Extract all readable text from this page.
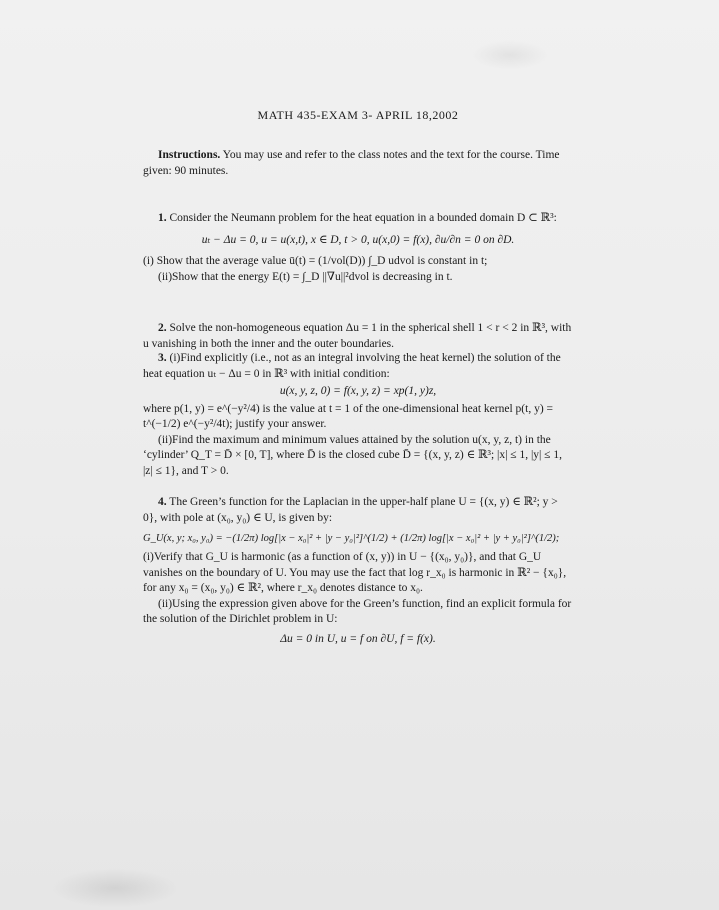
MATH 435-EXAM 3- APRIL 18,2002
Instructions. You may use and refer to the class notes and the text for the course. Time given: 90 minutes.
1. Consider the Neumann problem for the heat equation in a bounded domain D ⊂ ℝ³:
uₜ − Δu = 0, u = u(x,t), x ∈ D, t > 0, u(x,0) = f(x), ∂u/∂n = 0 on ∂D.
(i) Show that the average value ū(t) = (1/vol(D)) ∫_D udvol is constant in t;
(ii)Show that the energy E(t) = ∫_D ||∇u||²dvol is decreasing in t.
2. Solve the non-homogeneous equation Δu = 1 in the spherical shell 1 < r < 2 in ℝ³, with u vanishing in both the inner and the outer boundaries.
3. (i)Find explicitly (i.e., not as an integral involving the heat kernel) the solution of the heat equation uₜ − Δu = 0 in ℝ³ with initial condition:
u(x, y, z, 0) = f(x, y, z) = xp(1, y)z,
where p(1, y) = e^(−y²/4) is the value at t = 1 of the one-dimensional heat kernel p(t, y) = t^(−1/2) e^(−y²/4t); justify your answer.
(ii)Find the maximum and minimum values attained by the solution u(x, y, z, t) in the ‘cylinder’ Q_T = D̄ × [0, T], where D̄ is the closed cube D̄ = {(x, y, z) ∈ ℝ³; |x| ≤ 1, |y| ≤ 1, |z| ≤ 1}, and T > 0.
4. The Green’s function for the Laplacian in the upper-half plane U = {(x, y) ∈ ℝ²; y > 0}, with pole at (x₀, y₀) ∈ U, is given by:
G_U(x, y; x₀, y₀) = −(1/2π) log[|x − x₀|² + |y − y₀|²]^(1/2) + (1/2π) log[|x − x₀|² + |y + y₀|²]^(1/2);
(i)Verify that G_U is harmonic (as a function of (x, y)) in U − {(x₀, y₀)}, and that G_U vanishes on the boundary of U. You may use the fact that log r_x₀ is harmonic in ℝ² − {x₀}, for any x₀ = (x₀, y₀) ∈ ℝ², where r_x₀ denotes distance to x₀.
(ii)Using the expression given above for the Green’s function, find an explicit formula for the solution of the Dirichlet problem in U:
Δu = 0 in U, u = f on ∂U, f = f(x).
